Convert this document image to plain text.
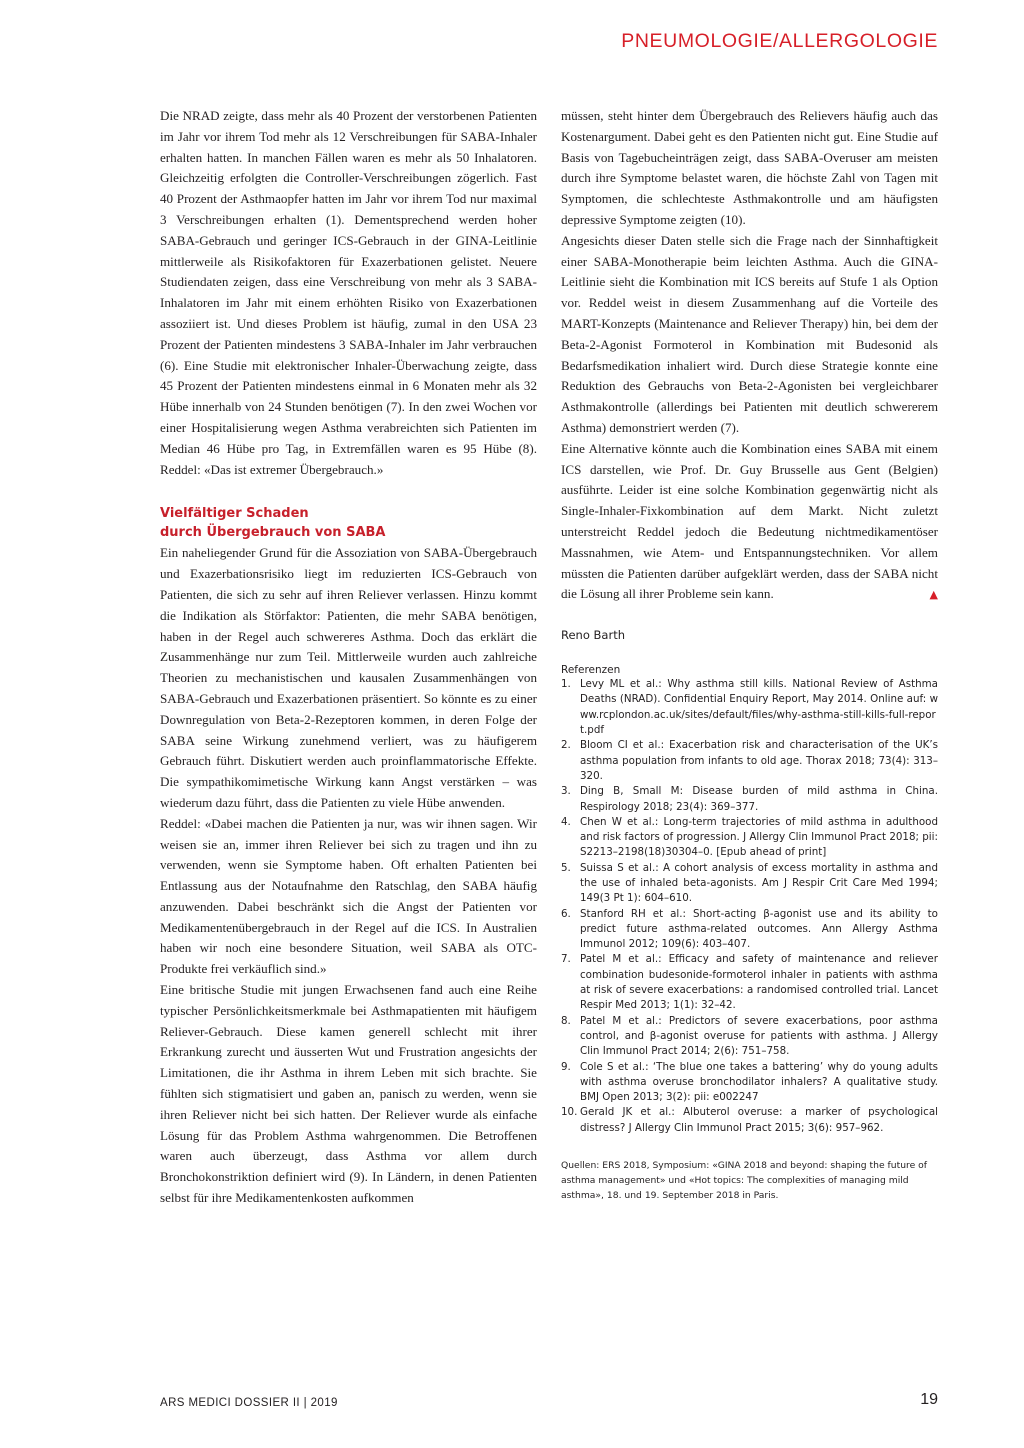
PNEUMOLOGIE/ALLERGOLOGIE

Die NRAD zeigte, dass mehr als 40 Prozent der verstorbenen Patienten im Jahr vor ihrem Tod mehr als 12 Verschreibungen für SABA-Inhaler erhalten hatten. In manchen Fällen waren es mehr als 50 Inhalatoren. Gleichzeitig erfolgten die Controller-Verschreibungen zögerlich. Fast 40 Prozent der Asthmaopfer hatten im Jahr vor ihrem Tod nur maximal 3 Verschreibungen erhalten (1). Dementsprechend werden hoher SABA-Gebrauch und geringer ICS-Gebrauch in der GINA-Leitlinie mittlerweile als Risikofaktoren für Exazerbationen gelistet. Neuere Studiendaten zeigen, dass eine Verschreibung von mehr als 3 SABA-Inhalatoren im Jahr mit einem erhöhten Risiko von Exazerbationen assoziiert ist. Und dieses Problem ist häufig, zumal in den USA 23 Prozent der Patienten mindestens 3 SABA-Inhaler im Jahr verbrauchen (6). Eine Studie mit elektronischer Inhaler-Überwachung zeigte, dass 45 Prozent der Patienten mindestens einmal in 6 Monaten mehr als 32 Hübe innerhalb von 24 Stunden benötigen (7). In den zwei Wochen vor einer Hospitalisierung wegen Asthma verabreichten sich Patienten im Median 46 Hübe pro Tag, in Extremfällen waren es 95 Hübe (8). Reddel: «Das ist extremer Übergebrauch.»

Vielfältiger Schaden
durch Übergebrauch von SABA

Ein naheliegender Grund für die Assoziation von SABA-Übergebrauch und Exazerbationsrisiko liegt im reduzierten ICS-Gebrauch von Patienten, die sich zu sehr auf ihren Reliever verlassen. Hinzu kommt die Indikation als Störfaktor: Patienten, die mehr SABA benötigen, haben in der Regel auch schwereres Asthma. Doch das erklärt die Zusammenhänge nur zum Teil. Mittlerweile wurden auch zahlreiche Theorien zu mechanistischen und kausalen Zusammenhängen von SABA-Gebrauch und Exazerbationen präsentiert. So könnte es zu einer Downregulation von Beta-2-Rezeptoren kommen, in deren Folge der SABA seine Wirkung zunehmend verliert, was zu häufigerem Gebrauch führt. Diskutiert werden auch proinflammatorische Effekte. Die sympathikomimetische Wirkung kann Angst verstärken – was wiederum dazu führt, dass die Patienten zu viele Hübe anwenden.

Reddel: «Dabei machen die Patienten ja nur, was wir ihnen sagen. Wir weisen sie an, immer ihren Reliever bei sich zu tragen und ihn zu verwenden, wenn sie Symptome haben. Oft erhalten Patienten bei Entlassung aus der Notaufnahme den Ratschlag, den SABA häufig anzuwenden. Dabei beschränkt sich die Angst der Patienten vor Medikamentenübergebrauch in der Regel auf die ICS. In Australien haben wir noch eine besondere Situation, weil SABA als OTC-Produkte frei verkäuflich sind.»

Eine britische Studie mit jungen Erwachsenen fand auch eine Reihe typischer Persönlichkeitsmerkmale bei Asthmapatienten mit häufigem Reliever-Gebrauch. Diese kamen generell schlecht mit ihrer Erkrankung zurecht und äusserten Wut und Frustration angesichts der Limitationen, die ihr Asthma in ihrem Leben mit sich brachte. Sie fühlten sich stigmatisiert und gaben an, panisch zu werden, wenn sie ihren Reliever nicht bei sich hatten. Der Reliever wurde als einfache Lösung für das Problem Asthma wahrgenommen. Die Betroffenen waren auch überzeugt, dass Asthma vor allem durch Bronchokonstriktion definiert wird (9). In Ländern, in denen Patienten selbst für ihre Medikamentenkosten aufkommen

müssen, steht hinter dem Übergebrauch des Relievers häufig auch das Kostenargument. Dabei geht es den Patienten nicht gut. Eine Studie auf Basis von Tagebucheinträgen zeigt, dass SABA-Overuser am meisten durch ihre Symptome belastet waren, die höchste Zahl von Tagen mit Symptomen, die schlechteste Asthmakontrolle und am häufigsten depressive Symptome zeigten (10).

Angesichts dieser Daten stelle sich die Frage nach der Sinnhaftigkeit einer SABA-Monotherapie beim leichten Asthma. Auch die GINA-Leitlinie sieht die Kombination mit ICS bereits auf Stufe 1 als Option vor. Reddel weist in diesem Zusammenhang auf die Vorteile des MART-Konzepts (Maintenance and Reliever Therapy) hin, bei dem der Beta-2-Agonist Formoterol in Kombination mit Budesonid als Bedarfsmedikation inhaliert wird. Durch diese Strategie konnte eine Reduktion des Gebrauchs von Beta-2-Agonisten bei vergleichbarer Asthmakontrolle (allerdings bei Patienten mit deutlich schwererem Asthma) demonstriert werden (7).

Eine Alternative könnte auch die Kombination eines SABA mit einem ICS darstellen, wie Prof. Dr. Guy Brusselle aus Gent (Belgien) ausführte. Leider ist eine solche Kombination gegenwärtig nicht als Single-Inhaler-Fixkombination auf dem Markt. Nicht zuletzt unterstreicht Reddel jedoch die Bedeutung nichtmedikamentöser Massnahmen, wie Atem- und Entspannungstechniken. Vor allem müssten die Patienten darüber aufgeklärt werden, dass der SABA nicht die Lösung all ihrer Probleme sein kann.	▲

Reno Barth
Referenzen
1. Levy ML et al.: Why asthma still kills. National Review of Asthma Deaths (NRAD). Confidential Enquiry Report, May 2014. Online auf: www.rcplondon.ac.uk/sites/default/files/why-asthma-still-kills-full-report.pdf
2. Bloom CI et al.: Exacerbation risk and characterisation of the UK’s asthma population from infants to old age. Thorax 2018; 73(4): 313–320.
3. Ding B, Small M: Disease burden of mild asthma in China. Respirology 2018; 23(4): 369–377.
4. Chen W et al.: Long-term trajectories of mild asthma in adulthood and risk factors of progression. J Allergy Clin Immunol Pract 2018; pii: S2213–2198(18)30304–0. [Epub ahead of print]
5. Suissa S et al.: A cohort analysis of excess mortality in asthma and the use of inhaled beta-agonists. Am J Respir Crit Care Med 1994; 149(3 Pt 1): 604–610.
6. Stanford RH et al.: Short-acting β-agonist use and its ability to predict future asthma-related outcomes. Ann Allergy Asthma Immunol 2012; 109(6): 403–407.
7. Patel M et al.: Efficacy and safety of maintenance and reliever combination budesonide-formoterol inhaler in patients with asthma at risk of severe exacerbations: a randomised controlled trial. Lancet Respir Med 2013; 1(1): 32–42.
8. Patel M et al.: Predictors of severe exacerbations, poor asthma control, and β-agonist overuse for patients with asthma. J Allergy Clin Immunol Pract 2014; 2(6): 751–758.
9. Cole S et al.: ‘The blue one takes a battering’ why do young adults with asthma overuse bronchodilator inhalers? A qualitative study. BMJ Open 2013; 3(2): pii: e002247
10. Gerald JK et al.: Albuterol overuse: a marker of psychological distress? J Allergy Clin Immunol Pract 2015; 3(6): 957–962.
Quellen: ERS 2018, Symposium: «GINA 2018 and beyond: shaping the future of asthma management» und «Hot topics: The complexities of managing mild asthma», 18. und 19. September 2018 in Paris.
ARS MEDICI DOSSIER II | 2019	19
